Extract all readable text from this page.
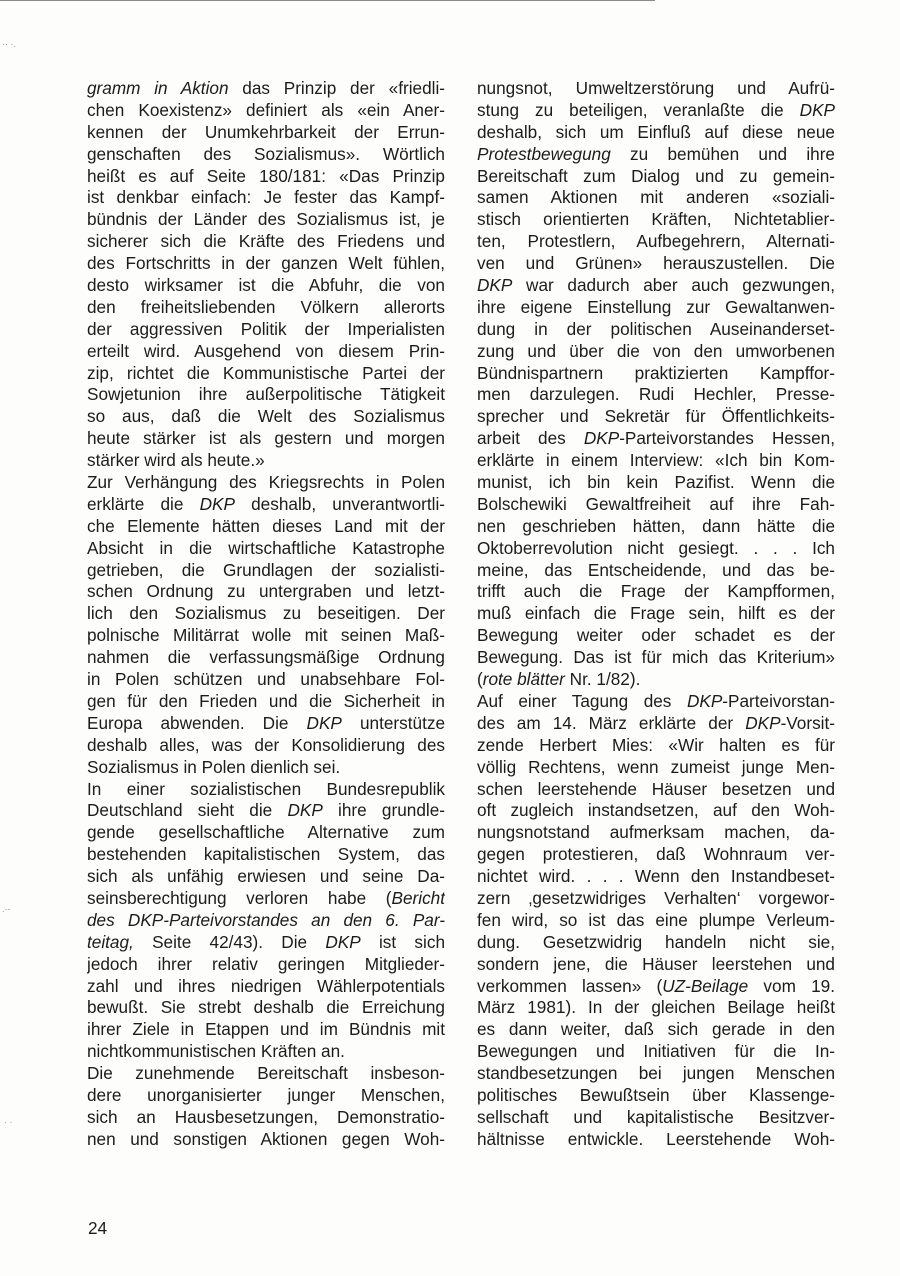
·· ·.
.·-
· ·
gramm in Aktion das Prinzip der «friedli-
chen Koexistenz» definiert als «ein Aner-
kennen der Unumkehrbarkeit der Errun-
genschaften des Sozialismus». Wörtlich
heißt es auf Seite 180/181: «Das Prinzip
ist denkbar einfach: Je fester das Kampf-
bündnis der Länder des Sozialismus ist, je
sicherer sich die Kräfte des Friedens und
des Fortschritts in der ganzen Welt fühlen,
desto wirksamer ist die Abfuhr, die von
den freiheitsliebenden Völkern allerorts
der aggressiven Politik der Imperialisten
erteilt wird. Ausgehend von diesem Prin-
zip, richtet die Kommunistische Partei der
Sowjetunion ihre außerpolitische Tätigkeit
so aus, daß die Welt des Sozialismus
heute stärker ist als gestern und morgen
stärker wird als heute.»
Zur Verhängung des Kriegsrechts in Polen
erklärte die DKP deshalb, unverantwortli-
che Elemente hätten dieses Land mit der
Absicht in die wirtschaftliche Katastrophe
getrieben, die Grundlagen der sozialisti-
schen Ordnung zu untergraben und letzt-
lich den Sozialismus zu beseitigen. Der
polnische Militärrat wolle mit seinen Maß-
nahmen die verfassungsmäßige Ordnung
in Polen schützen und unabsehbare Fol-
gen für den Frieden und die Sicherheit in
Europa abwenden. Die DKP unterstütze
deshalb alles, was der Konsolidierung des
Sozialismus in Polen dienlich sei.
In einer sozialistischen Bundesrepublik
Deutschland sieht die DKP ihre grundle-
gende gesellschaftliche Alternative zum
bestehenden kapitalistischen System, das
sich als unfähig erwiesen und seine Da-
seinsberechtigung verloren habe (Bericht
des DKP-Parteivorstandes an den 6. Par-
teitag, Seite 42/43). Die DKP ist sich
jedoch ihrer relativ geringen Mitglieder-
zahl und ihres niedrigen Wählerpotentials
bewußt. Sie strebt deshalb die Erreichung
ihrer Ziele in Etappen und im Bündnis mit
nichtkommunistischen Kräften an.
Die zunehmende Bereitschaft insbeson-
dere unorganisierter junger Menschen,
sich an Hausbesetzungen, Demonstratio-
nen und sonstigen Aktionen gegen Woh-
nungsnot, Umweltzerstörung und Aufrü-
stung zu beteiligen, veranlaßte die DKP
deshalb, sich um Einfluß auf diese neue
Protestbewegung zu bemühen und ihre
Bereitschaft zum Dialog und zu gemein-
samen Aktionen mit anderen «soziali-
stisch orientierten Kräften, Nichtetablier-
ten, Protestlern, Aufbegehrern, Alternati-
ven und Grünen» herauszustellen. Die
DKP war dadurch aber auch gezwungen,
ihre eigene Einstellung zur Gewaltanwen-
dung in der politischen Auseinanderset-
zung und über die von den umworbenen
Bündnispartnern praktizierten Kampffor-
men darzulegen. Rudi Hechler, Presse-
sprecher und Sekretär für Öffentlichkeits-
arbeit des DKP-Parteivorstandes Hessen,
erklärte in einem Interview: «Ich bin Kom-
munist, ich bin kein Pazifist. Wenn die
Bolschewiki Gewaltfreiheit auf ihre Fah-
nen geschrieben hätten, dann hätte die
Oktoberrevolution nicht gesiegt. . . . Ich
meine, das Entscheidende, und das be-
trifft auch die Frage der Kampfformen,
muß einfach die Frage sein, hilft es der
Bewegung weiter oder schadet es der
Bewegung. Das ist für mich das Kriterium»
(rote blätter Nr. 1/82).
Auf einer Tagung des DKP-Parteivorstan-
des am 14. März erklärte der DKP-Vorsit-
zende Herbert Mies: «Wir halten es für
völlig Rechtens, wenn zumeist junge Men-
schen leerstehende Häuser besetzen und
oft zugleich instandsetzen, auf den Woh-
nungsnotstand aufmerksam machen, da-
gegen protestieren, daß Wohnraum ver-
nichtet wird. . . . Wenn den Instandbeset-
zern ‚gesetzwidriges Verhalten‘ vorgewor-
fen wird, so ist das eine plumpe Verleum-
dung. Gesetzwidrig handeln nicht sie,
sondern jene, die Häuser leerstehen und
verkommen lassen» (UZ-Beilage vom 19.
März 1981). In der gleichen Beilage heißt
es dann weiter, daß sich gerade in den
Bewegungen und Initiativen für die In-
standbesetzungen bei jungen Menschen
politisches Bewußtsein über Klassenge-
sellschaft und kapitalistische Besitzver-
hältnisse entwickle. Leerstehende Woh-
24
